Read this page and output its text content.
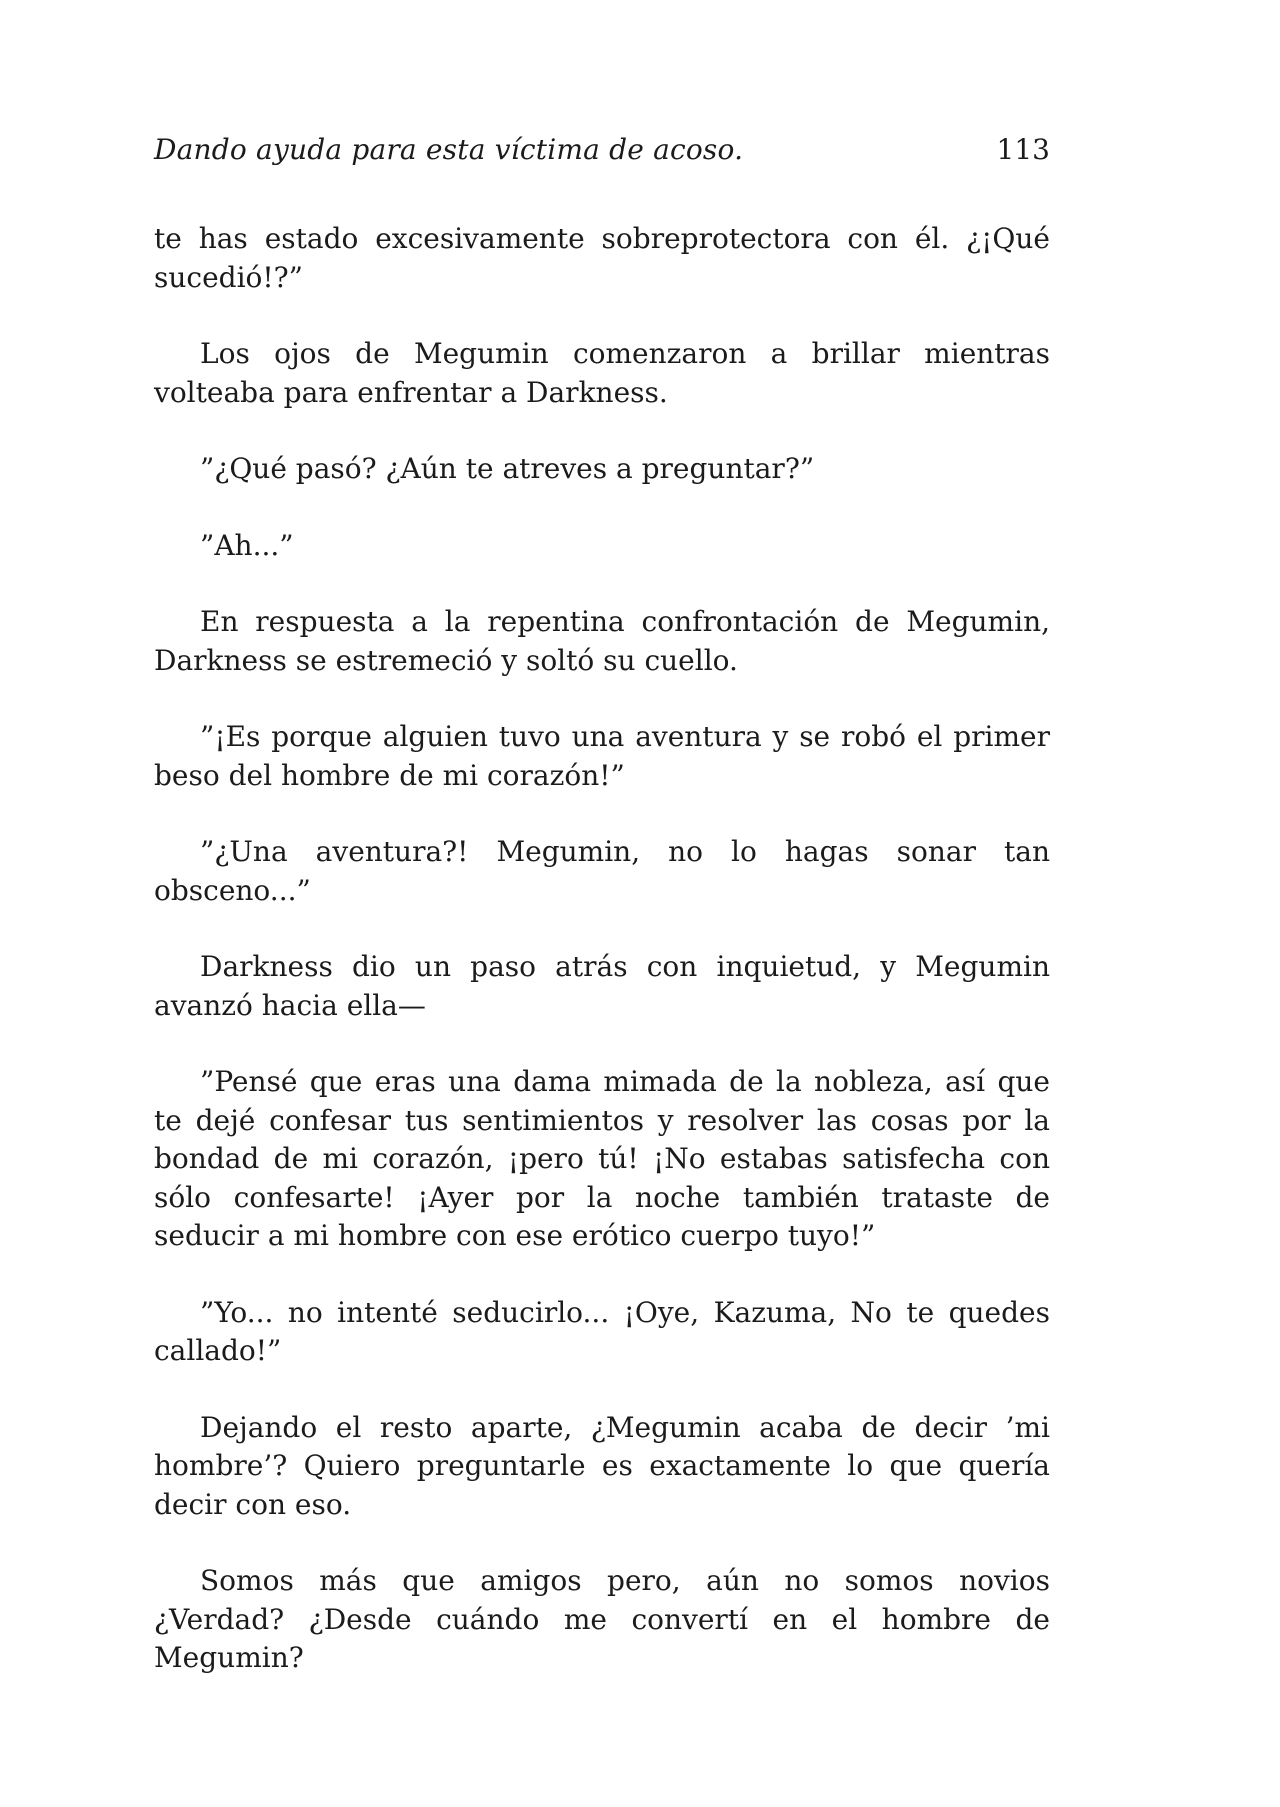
Dando ayuda para esta víctima de acoso.	113

te has estado excesivamente sobreprotectora con él. ¿¡Qué sucedió!?”

Los ojos de Megumin comenzaron a brillar mientras volteaba para enfrentar a Darkness.

”¿Qué pasó? ¿Aún te atreves a preguntar?”

”Ah...”

En respuesta a la repentina confrontación de Megumin, Darkness se estremeció y soltó su cuello.

”¡Es porque alguien tuvo una aventura y se robó el primer beso del hombre de mi corazón!”

”¿Una aventura?! Megumin, no lo hagas sonar tan obsceno...”

Darkness dio un paso atrás con inquietud, y Megumin avanzó hacia ella—

”Pensé que eras una dama mimada de la nobleza, así que te dejé confesar tus sentimientos y resolver las cosas por la bondad de mi corazón, ¡pero tú! ¡No estabas satisfecha con sólo confesarte! ¡Ayer por la noche también trataste de seducir a mi hombre con ese erótico cuerpo tuyo!”

”Yo... no intenté seducirlo... ¡Oye, Kazuma, No te quedes callado!”

Dejando el resto aparte, ¿Megumin acaba de decir ’mi hombre’? Quiero preguntarle es exactamente lo que quería decir con eso.

Somos más que amigos pero, aún no somos novios ¿Verdad? ¿Desde cuándo me convertí en el hombre de Megumin?
